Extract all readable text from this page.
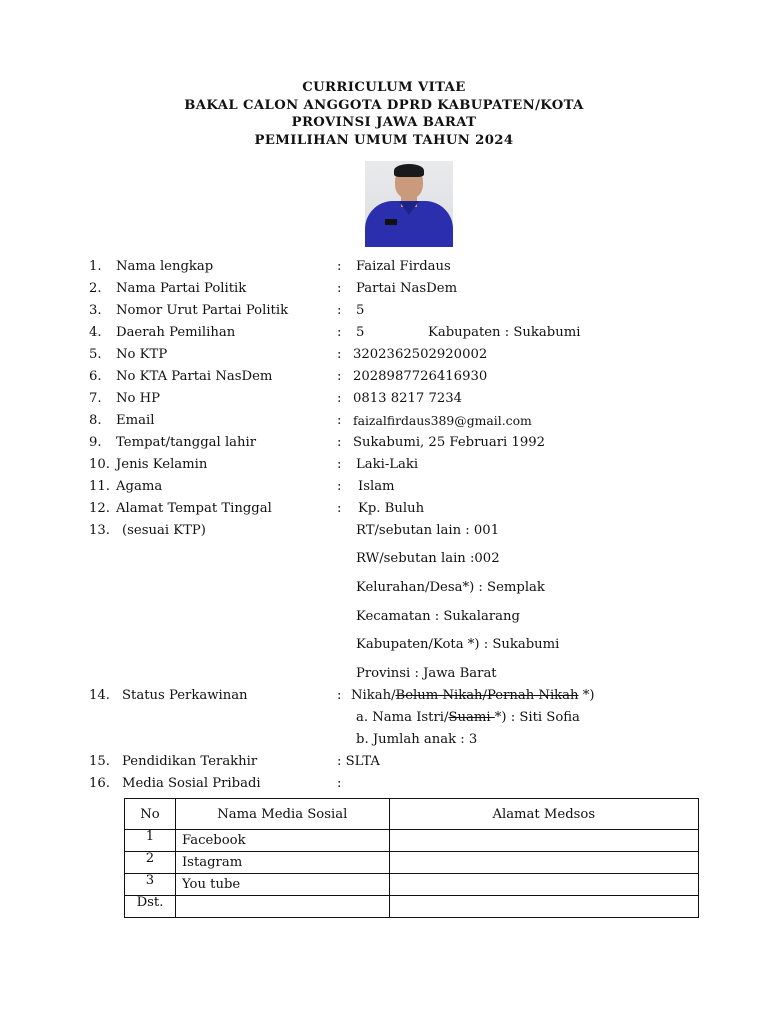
CURRICULUM VITAE
BAKAL CALON ANGGOTA DPRD KABUPATEN/KOTA
PROVINSI JAWA BARAT
PEMILIHAN UMUM TAHUN 2024
1. Nama lengkap	: Faizal Firdaus
2. Nama Partai Politik	: Partai NasDem
3. Nomor Urut Partai Politik	: 5
4. Daerah Pemilihan	: 5	Kabupaten : Sukabumi
5. No KTP	: 3202362502920002
6. No KTA Partai NasDem	: 2028987726416930
7. No HP	: 0813 8217 7234
8. Email	: faizalfirdaus389@gmail.com
9. Tempat/tanggal lahir	: Sukabumi, 25 Februari 1992
10. Jenis Kelamin	: Laki-Laki
11. Agama	: Islam
12. Alamat Tempat Tinggal	: Kp. Buluh
13. (sesuai KTP)	RT/sebutan lain : 001
RW/sebutan lain :002
Kelurahan/Desa*) : Semplak
Kecamatan : Sukalarang
Kabupaten/Kota *) : Sukabumi
Provinsi : Jawa Barat
14. Status Perkawinan	: Nikah/Belum Nikah/Pernah Nikah *)
a. Nama Istri/Suami *) : Siti Sofia
b. Jumlah anak : 3
15. Pendidikan Terakhir	: SLTA
16. Media Sosial Pribadi	:
No	Nama Media Sosial	Alamat Medsos
1	Facebook	
2	Istagram	
3	You tube	
Dst.		
